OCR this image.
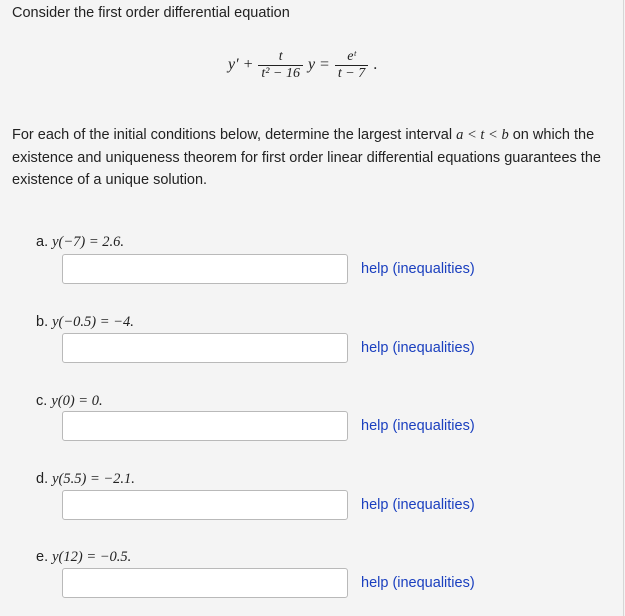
Consider the first order differential equation
$y' + \frac{t}{\text{t² − 16}}$ $y = \frac{\text{eᵗ}}{t - 7}$ .
For each of the initial conditions below, determine the largest interval a < t < b on which the existence and uniqueness theorem for first order linear differential equations guarantees the existence of a unique solution.
a. y(−7) = 2.6.
help (inequalities)
b. y(−0.5) = −4.
help (inequalities)
c. y(0) = 0.
help (inequalities)
d. y(5.5) = −2.1.
help (inequalities)
e. y(12) = −0.5.
help (inequalities)
